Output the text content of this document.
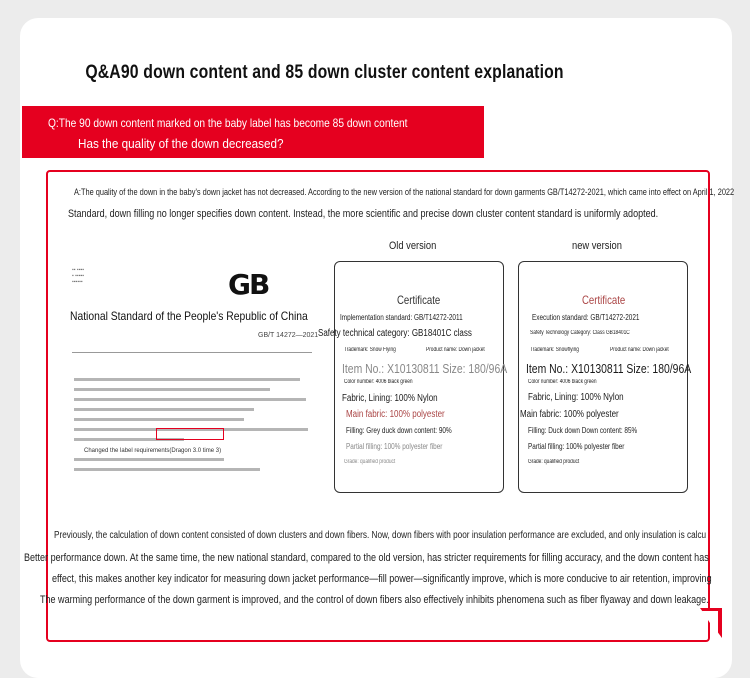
Q&A90 down content and 85 down cluster content explanation
Q:The 90 down content marked on the baby label has become 85 down content
Has the quality of the down decreased?
A:The quality of the down in the baby's down jacket has not decreased. According to the new version of the national standard for down garments GB/T14272-2021, which came into effect on April 1, 2022
Standard, down filling no longer specifies down content. Instead, the more scientific and precise down cluster content standard is uniformly adopted.
▪▪ ▪▪▪▪
▪ ▪▪▪▪▪
▪▪▪▪▪▪	GB
National Standard of the People's Republic of China
GB/T 14272—2021
Changed the label requirements(Dragon 3.0 time 3)
Old version
Certificate
Implementation standard: GB/T14272-2011
Safety technical category: GB18401C class
Trademark: Snow Flying	Product name: Down jacket
Item No.: X10130811 Size: 180/96A
Color number: 4006 black green
Fabric, Lining: 100% Nylon
Main fabric: 100% polyester
Filling: Grey duck down content: 90%
Partial filling: 100% polyester fiber
Grade: qualified product
new version
Certificate
Execution standard: GB/T14272-2021
Safety Technology Category: Class GB18401C
Trademark: Snowflying	Product name: Down jacket
Item No.: X10130811 Size: 180/96A
Color number: 4006 black green
Fabric, Lining: 100% Nylon
Main fabric: 100% polyester
Filling: Duck down Down content: 85%
Partial filling: 100% polyester fiber
Grade: qualified product
Previously, the calculation of down content consisted of down clusters and down fibers. Now, down fibers with poor insulation performance are excluded, and only insulation is calcu
Better performance down. At the same time, the new national standard, compared to the old version, has stricter requirements for filling accuracy, and the down content has
effect, this makes another key indicator for measuring down jacket performance—fill power—significantly improve, which is more conducive to air retention, improving
The warming performance of the down garment is improved, and the control of down fibers also effectively inhibits phenomena such as fiber flyaway and down leakage.
